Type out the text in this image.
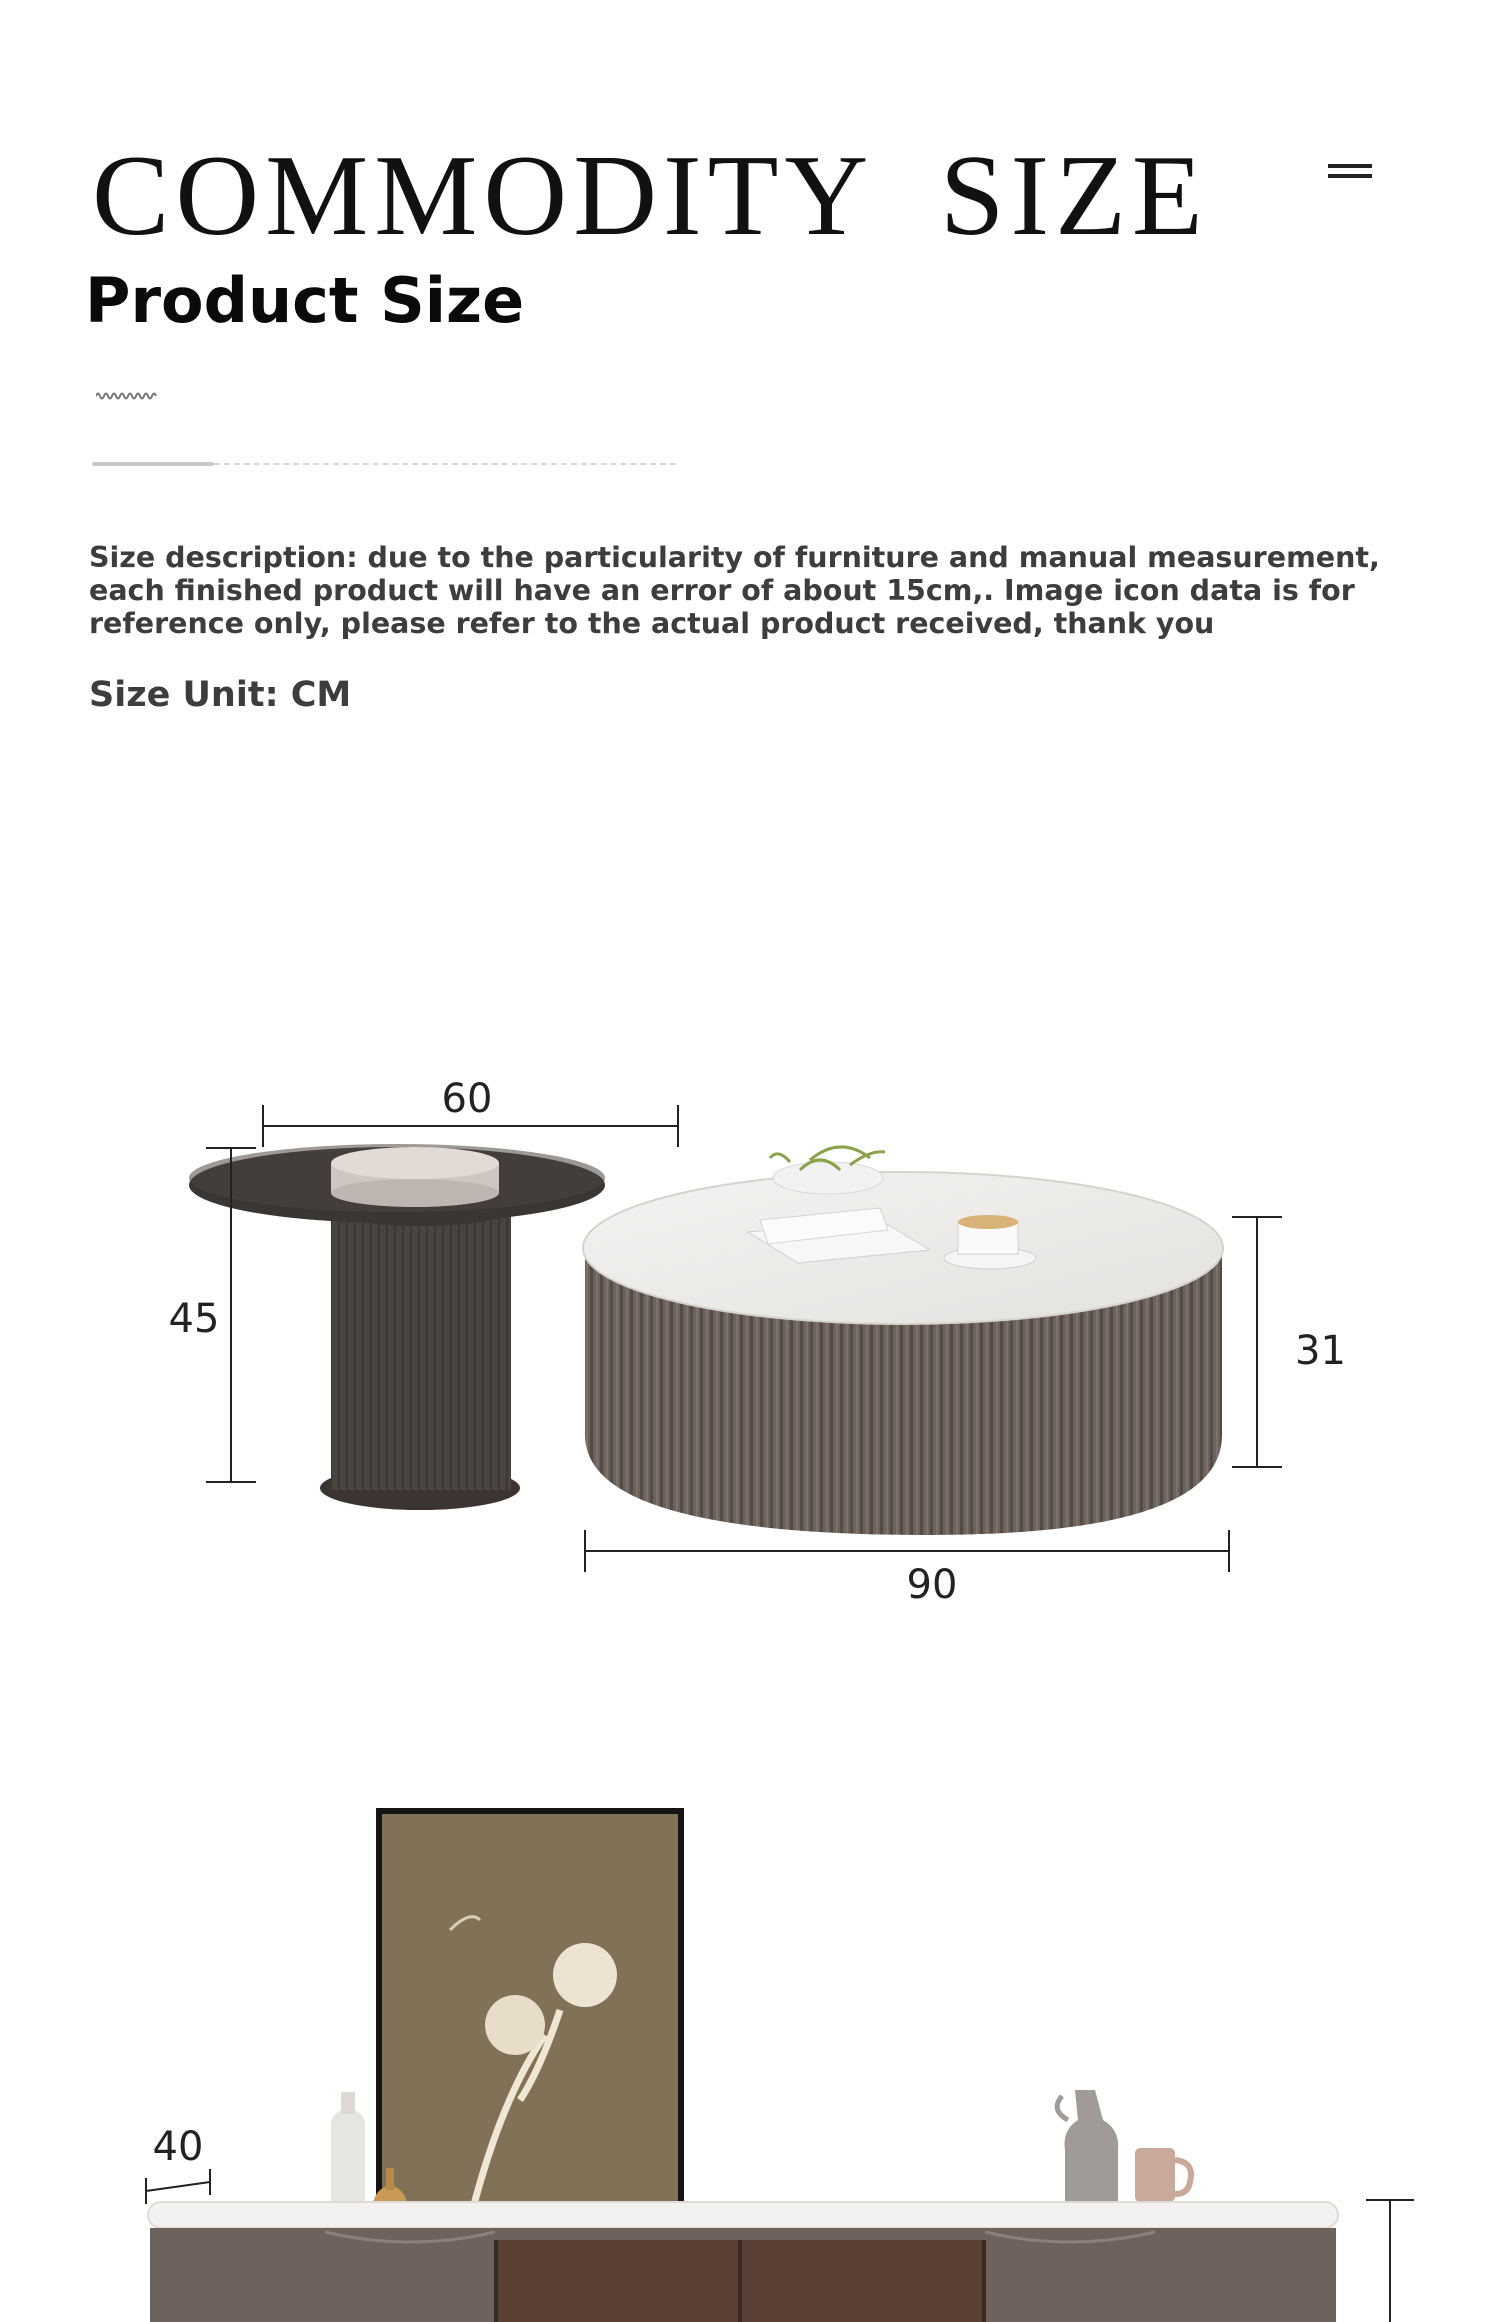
COMMODITY  SIZE
Product Size

Size description: due to the particularity of furniture and manual measurement, each finished product will have an error of about 15cm,. Image icon data is for reference only, please refer to the actual product received, thank you

Size Unit: CM

60
45
31
90
40
